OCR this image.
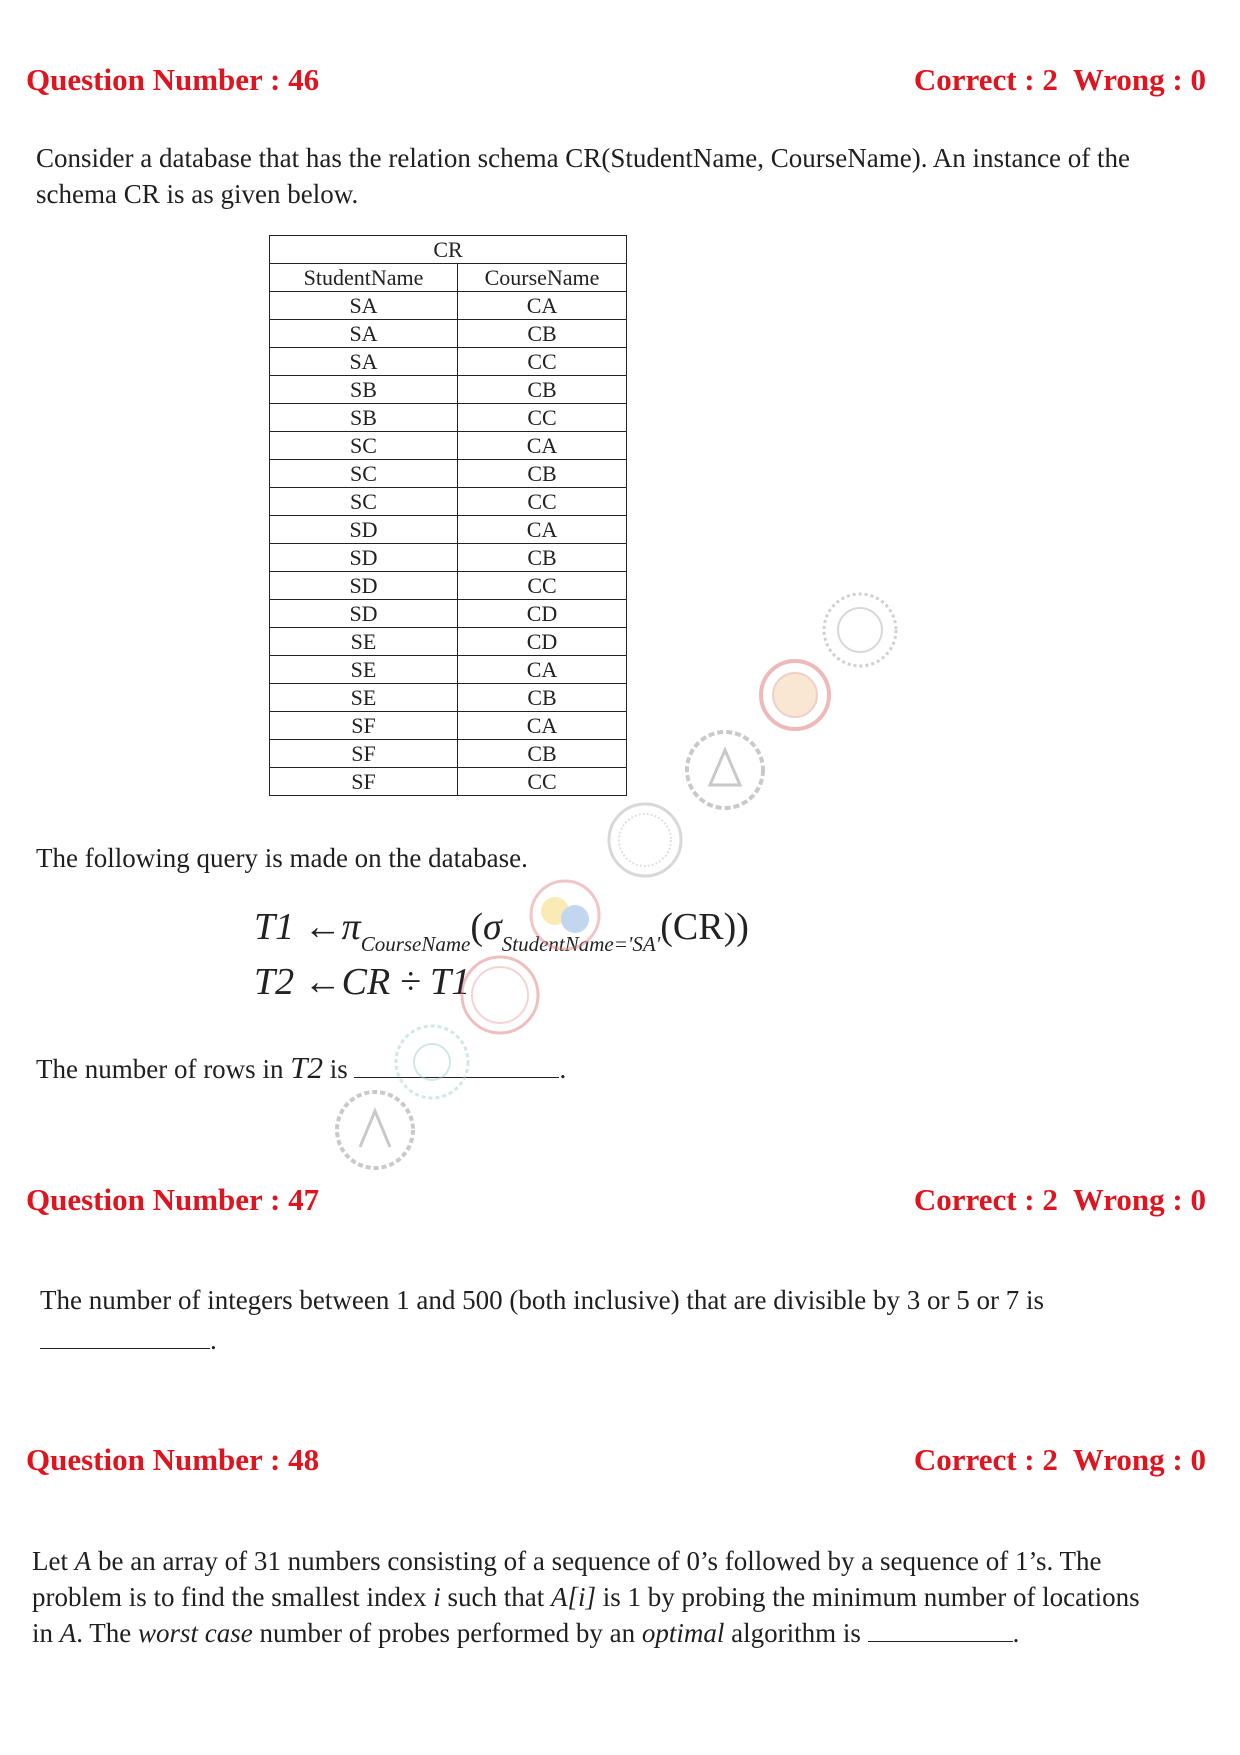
Question Number : 46	Correct : 2  Wrong : 0
Consider a database that has the relation schema CR(StudentName, CourseName). An instance of the
schema CR is as given below.
CR	
StudentName	CourseName
SA	CA
SA	CB
SA	CC
SB	CB
SB	CC
SC	CA
SC	CB
SC	CC
SD	CA
SD	CB
SD	CC
SD	CD
SE	CD
SE	CA
SE	CB
SF	CA
SF	CB
SF	CC
The following query is made on the database.
T1 $\leftarrow\pi_{CourseName}(\sigma_{StudentName='SA'}(CR))$
T2 ←CR ÷ T1
The number of rows in T2 is	.
Question Number : 47	Correct : 2  Wrong : 0
The number of integers between 1 and 500 (both inclusive) that are divisible by 3 or 5 or 7 is
.
Question Number : 48	Correct : 2  Wrong : 0
Let A be an array of 31 numbers consisting of a sequence of 0’s followed by a sequence of 1’s. The
problem is to find the smallest index i such that A[i] is 1 by probing the minimum number of locations
in A. The worst case number of probes performed by an optimal algorithm is	.
